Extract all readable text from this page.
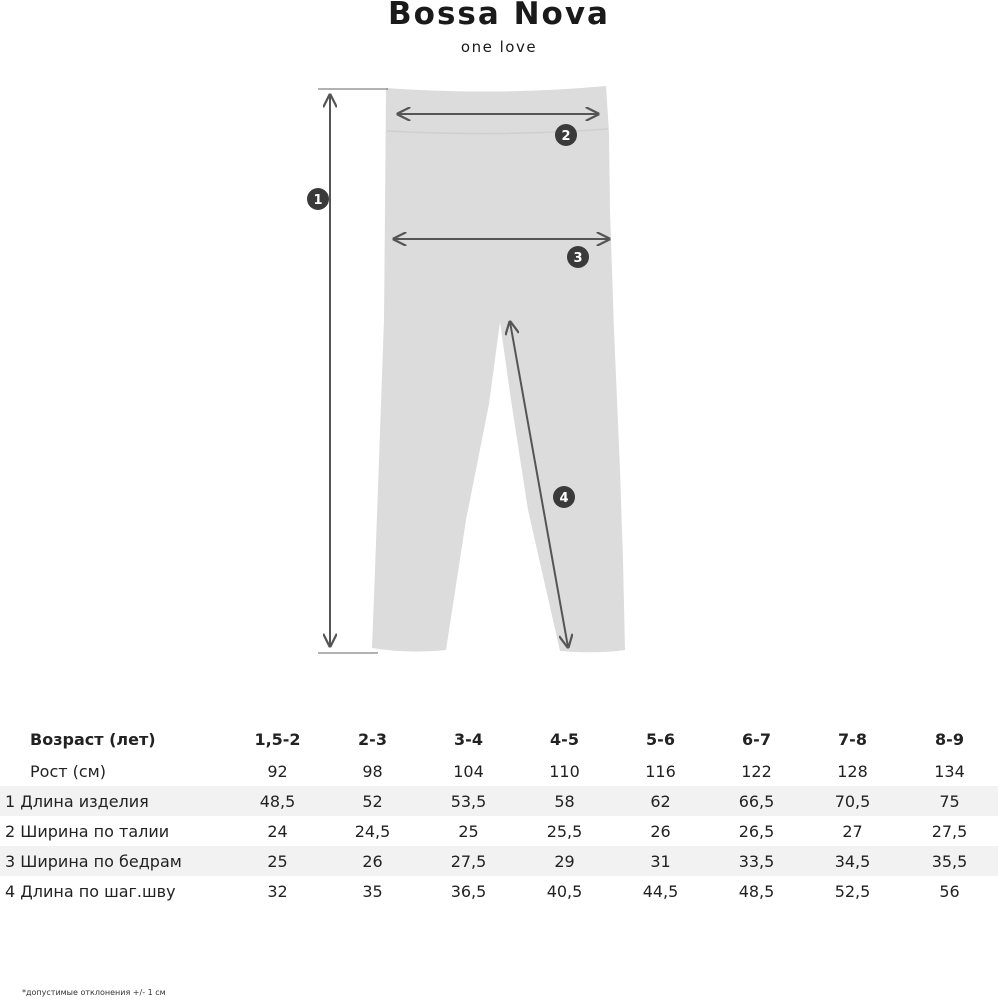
Bossa Nova
one love
1
2
3
4
Возраст (лет)	1,5-2	2-3	3-4	4-5	5-6	6-7	7-8	8-9
Рост (см)	92	98	104	110	116	122	128	134
1 Длина изделия	48,5	52	53,5	58	62	66,5	70,5	75
2 Ширина по талии	24	24,5	25	25,5	26	26,5	27	27,5
3 Ширина по бедрам	25	26	27,5	29	31	33,5	34,5	35,5
4 Длина по шаг.шву	32	35	36,5	40,5	44,5	48,5	52,5	56
*допустимые отклонения +/- 1 см
